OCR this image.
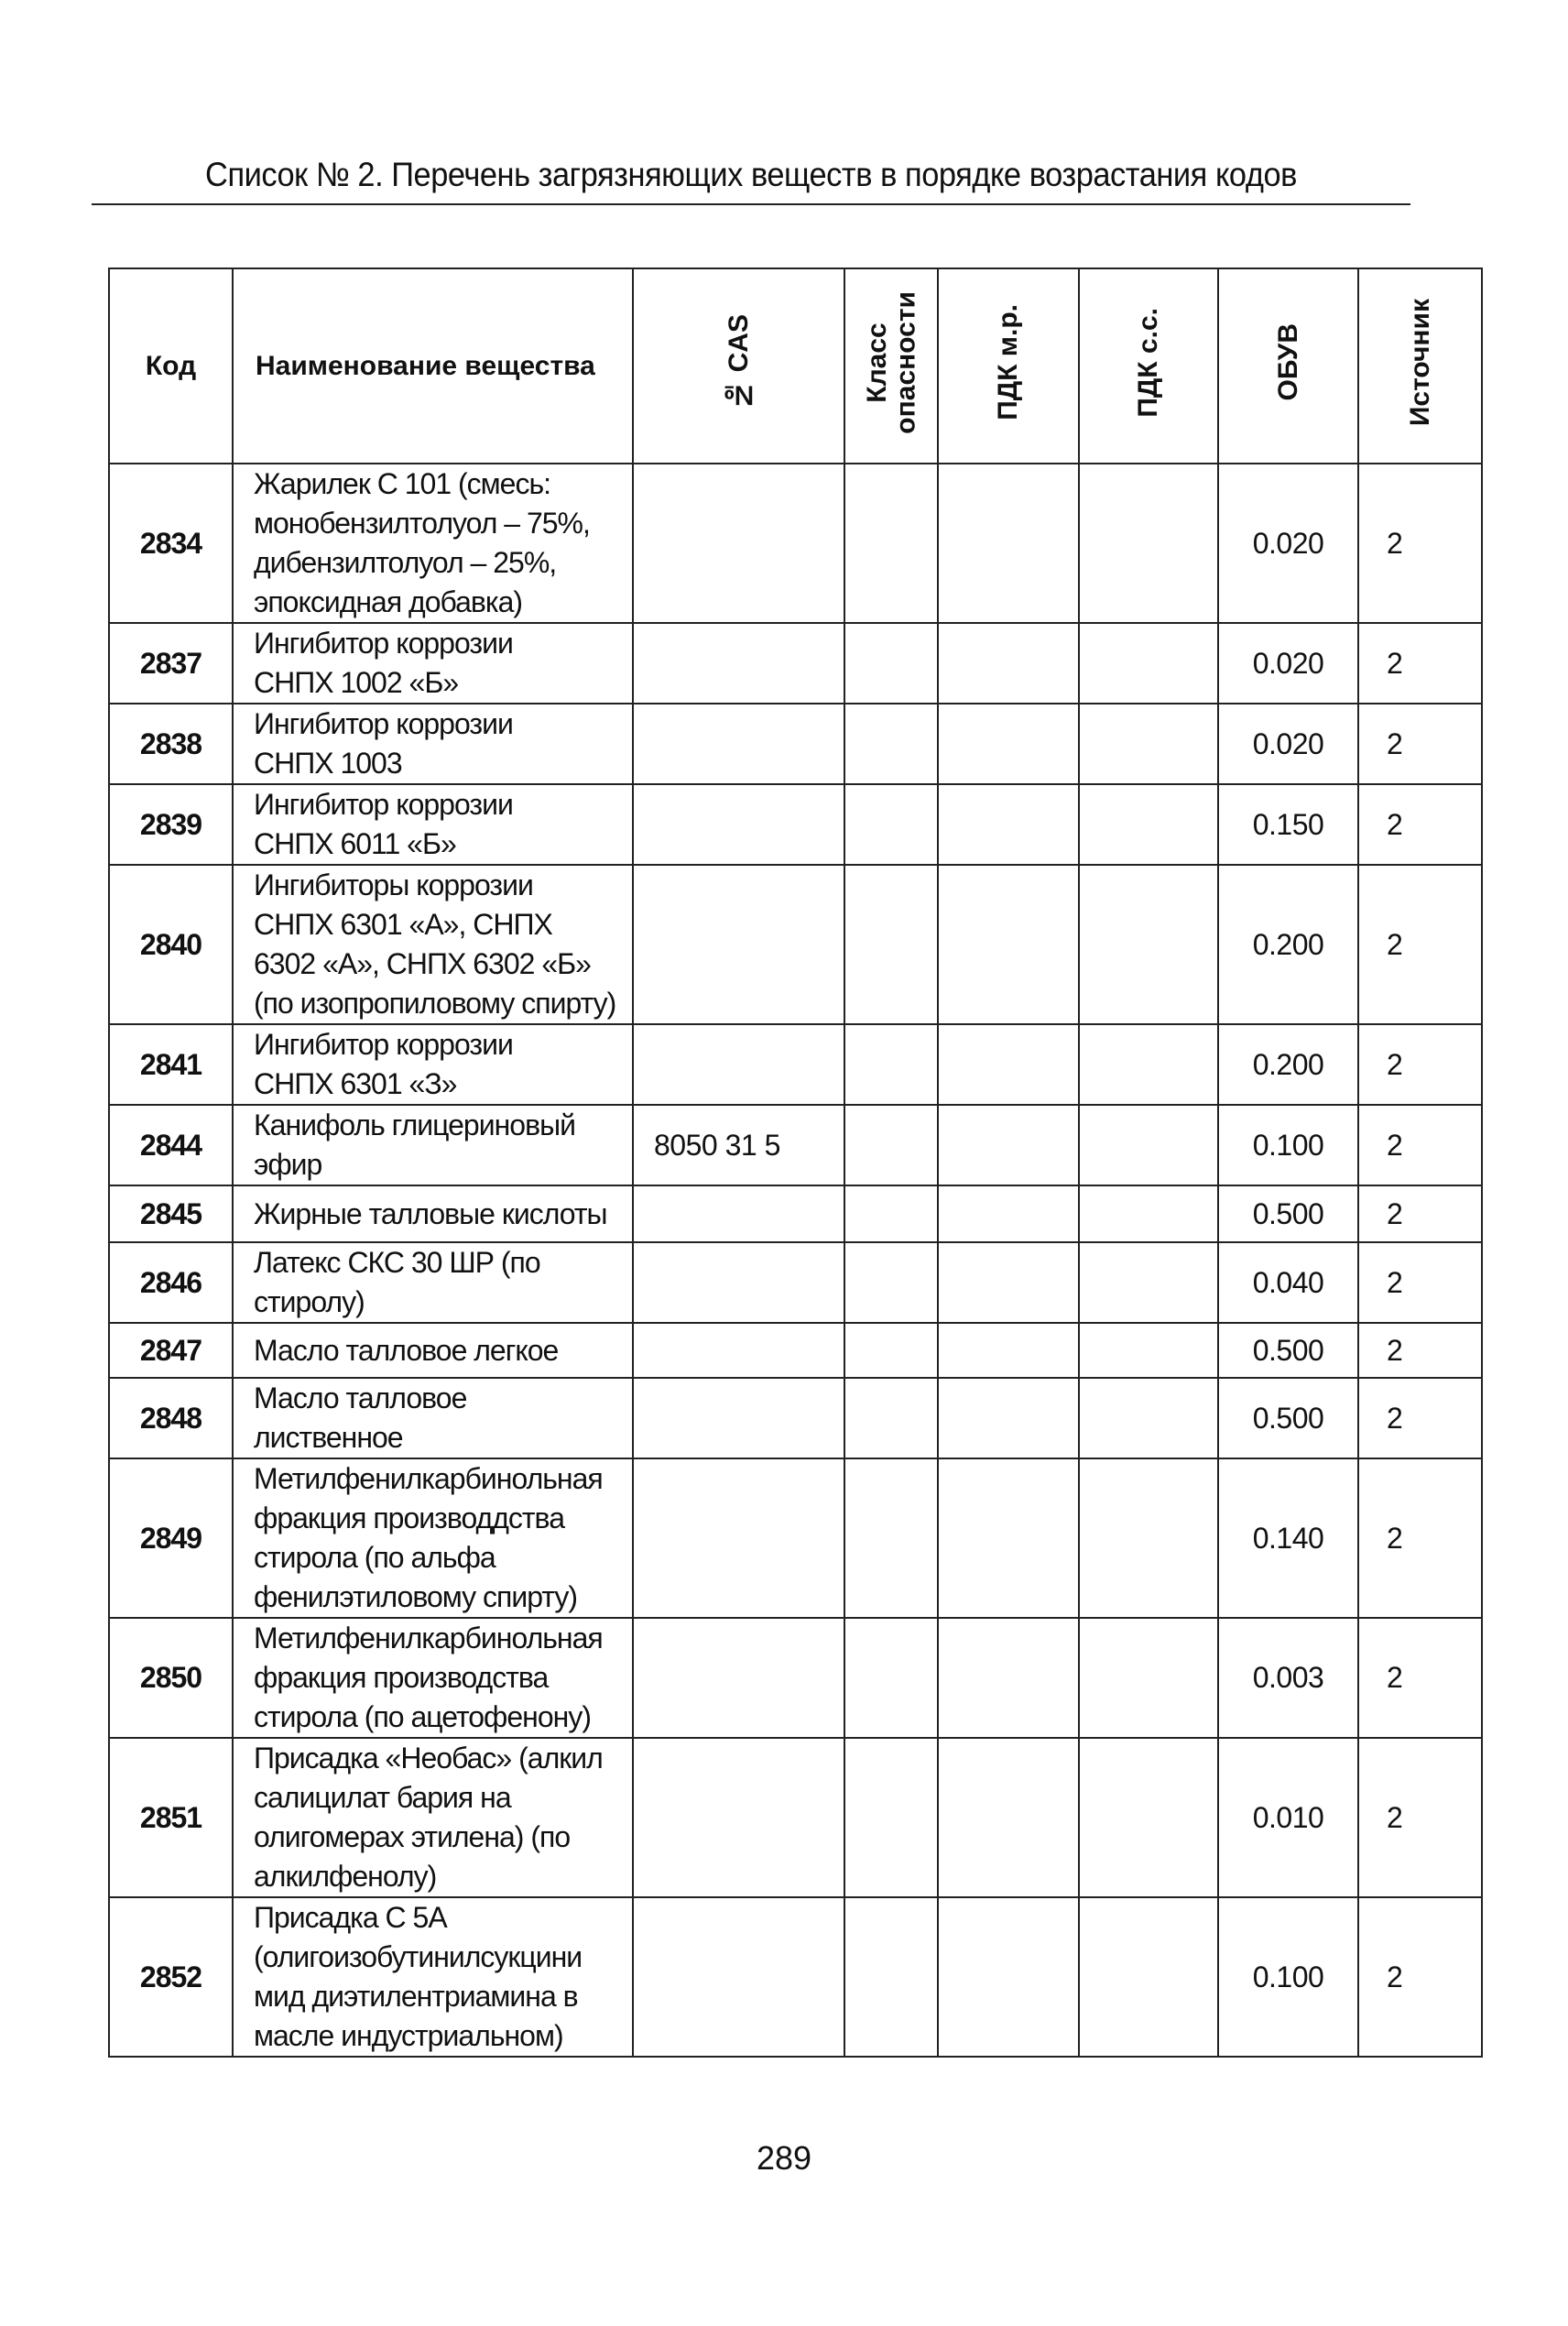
Список № 2. Перечень загрязняющих веществ в порядке возрастания кодов
Код	Наименование вещества	№ CAS	Класс
опасности	ПДК м.р.	ПДК с.с.	ОБУВ	Источник
2834	Жарилек С 101 (смесь:
монобензилтолуол – 75%,
дибензилтолуол – 25%,
эпоксидная добавка)					0.020	2
2837	Ингибитор коррозии
СНПХ 1002 «Б»					0.020	2
2838	Ингибитор коррозии
СНПХ 1003					0.020	2
2839	Ингибитор коррозии
СНПХ 6011 «Б»					0.150	2
2840	Ингибиторы коррозии
СНПХ 6301 «А», СНПХ
6302 «А», СНПХ 6302 «Б»
(по изопропиловому спирту)					0.200	2
2841	Ингибитор коррозии
СНПХ 6301 «З»					0.200	2
2844	Канифоль глицериновый
эфир	8050 31 5				0.100	2
2845	Жирные талловые кислоты					0.500	2
2846	Латекс СКС 30 ШР (по
стиролу)					0.040	2
2847	Масло талловое легкое					0.500	2
2848	Масло талловое
лиственное					0.500	2
2849	Метилфенилкарбинольная
фракция производдства
стирола (по альфа
фенилэтиловому спирту)					0.140	2
2850	Метилфенилкарбинольная
фракция производства
стирола (по ацетофенону)					0.003	2
2851	Присадка «Необас» (алкил
салицилат бария на
олигомерах этилена) (по
алкилфенолу)					0.010	2
2852	Присадка С 5А
(олигоизобутинилсукцини
мид диэтилентриамина в
масле индустриальном)					0.100	2
289
